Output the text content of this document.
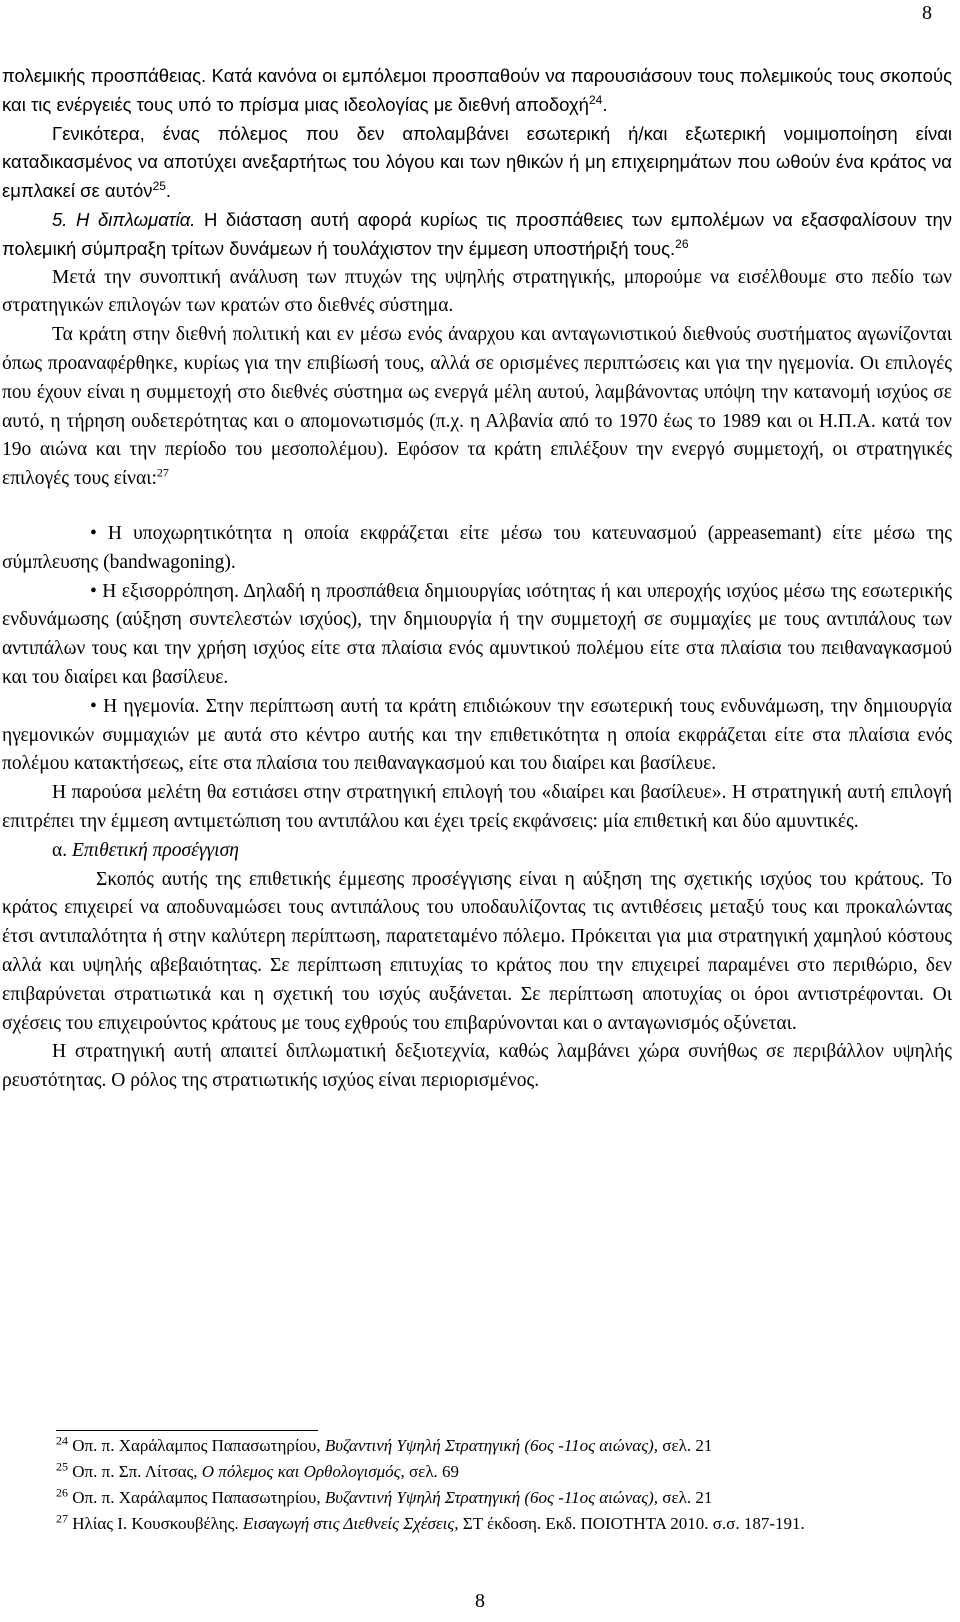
8

πολεμικής προσπάθειας. Κατά κανόνα οι εμπόλεμοι προσπαθούν να παρουσιάσουν τους πολεμικούς τους σκοπούς και τις ενέργειές τους υπό το πρίσμα μιας ιδεολογίας με διεθνή αποδοχή$^{24}$.

Γενικότερα, ένας πόλεμος που δεν απολαμβάνει εσωτερική ή/και εξωτερική νομιμοποίηση είναι καταδικασμένος να αποτύχει ανεξαρτήτως του λόγου και των ηθικών ή μη επιχειρημάτων που ωθούν ένα κράτος να εμπλακεί σε αυτόν$^{25}$.

5. Η διπλωματία. Η διάσταση αυτή αφορά κυρίως τις προσπάθειες των εμπολέμων να εξασφαλίσουν την πολεμική σύμπραξη τρίτων δυνάμεων ή τουλάχιστον την έμμεση υποστήριξή τους.$^{26}$

Μετά την συνοπτική ανάλυση των πτυχών της υψηλής στρατηγικής, μπορούμε να εισέλθουμε στο πεδίο των στρατηγικών επιλογών των κρατών στο διεθνές σύστημα.

Τα κράτη στην διεθνή πολιτική και εν μέσω ενός άναρχου και ανταγωνιστικού διεθνούς συστήματος αγωνίζονται όπως προαναφέρθηκε, κυρίως για την επιβίωσή τους, αλλά σε ορισμένες περιπτώσεις και για την ηγεμονία. Οι επιλογές που έχουν είναι η συμμετοχή στο διεθνές σύστημα ως ενεργά μέλη αυτού, λαμβάνοντας υπόψη την κατανομή ισχύος σε αυτό, η τήρηση ουδετερότητας και ο απομονωτισμός (π.χ. η Αλβανία από το 1970 έως το 1989 και οι Η.Π.Α. κατά τον 19ο αιώνα και την περίοδο του μεσοπολέμου). Εφόσον τα κράτη επιλέξουν την ενεργό συμμετοχή, οι στρατηγικές επιλογές τους είναι:$^{27}$

• Η υποχωρητικότητα η οποία εκφράζεται είτε μέσω του κατευνασμού (appeasemant) είτε μέσω της σύμπλευσης (bandwagoning).

• Η εξισορρόπηση. Δηλαδή η προσπάθεια δημιουργίας ισότητας ή και υπεροχής ισχύος μέσω της εσωτερικής ενδυνάμωσης (αύξηση συντελεστών ισχύος), την δημιουργία ή την συμμετοχή σε συμμαχίες με τους αντιπάλους των αντιπάλων τους και την χρήση ισχύος είτε στα πλαίσια ενός αμυντικού πολέμου είτε στα πλαίσια του πειθαναγκασμού και του διαίρει και βασίλευε.

• Η ηγεμονία. Στην περίπτωση αυτή τα κράτη επιδιώκουν την εσωτερική τους ενδυνάμωση, την δημιουργία ηγεμονικών συμμαχιών με αυτά στο κέντρο αυτής και την επιθετικότητα η οποία εκφράζεται είτε στα πλαίσια ενός πολέμου κατακτήσεως, είτε στα πλαίσια του πειθαναγκασμού και του διαίρει και βασίλευε.

Η παρούσα μελέτη θα εστιάσει στην στρατηγική επιλογή του «διαίρει και βασίλευε». Η στρατηγική αυτή επιλογή επιτρέπει την έμμεση αντιμετώπιση του αντιπάλου και έχει τρείς εκφάνσεις: μία επιθετική και δύο αμυντικές.

α. Επιθετική προσέγγιση

Σκοπός αυτής της επιθετικής έμμεσης προσέγγισης είναι η αύξηση της σχετικής ισχύος του κράτους. Το κράτος επιχειρεί να αποδυναμώσει τους αντιπάλους του υποδαυλίζοντας τις αντιθέσεις μεταξύ τους και προκαλώντας έτσι αντιπαλότητα ή στην καλύτερη περίπτωση, παρατεταμένο πόλεμο. Πρόκειται για μια στρατηγική χαμηλού κόστους αλλά και υψηλής αβεβαιότητας. Σε περίπτωση επιτυχίας το κράτος που την επιχειρεί παραμένει στο περιθώριο, δεν επιβαρύνεται στρατιωτικά και η σχετική του ισχύς αυξάνεται. Σε περίπτωση αποτυχίας οι όροι αντιστρέφονται. Οι σχέσεις του επιχειρούντος κράτους με τους εχθρούς του επιβαρύνονται και ο ανταγωνισμός οξύνεται.

Η στρατηγική αυτή απαιτεί διπλωματική δεξιοτεχνία, καθώς λαμβάνει χώρα συνήθως σε περιβάλλον υψηλής ρευστότητας. Ο ρόλος της στρατιωτικής ισχύος είναι περιορισμένος.

$^{24}$ Οπ. π. Χαράλαμπος Παπασωτηρίου, Βυζαντινή Υψηλή Στρατηγική (6ος -11ος αιώνας), σελ. 21

$^{25}$ Οπ. π. Σπ. Λίτσας, Ο πόλεμος και Ορθολογισμός, σελ. 69

$^{26}$ Οπ. π. Χαράλαμπος Παπασωτηρίου, Βυζαντινή Υψηλή Στρατηγική (6ος -11ος αιώνας), σελ. 21

$^{27}$ Ηλίας Ι. Κουσκουβέλης. Εισαγωγή στις Διεθνείς Σχέσεις, ΣΤ έκδοση. Εκδ. ΠΟΙΟΤΗΤΑ 2010. σ.σ. 187-191.

8
